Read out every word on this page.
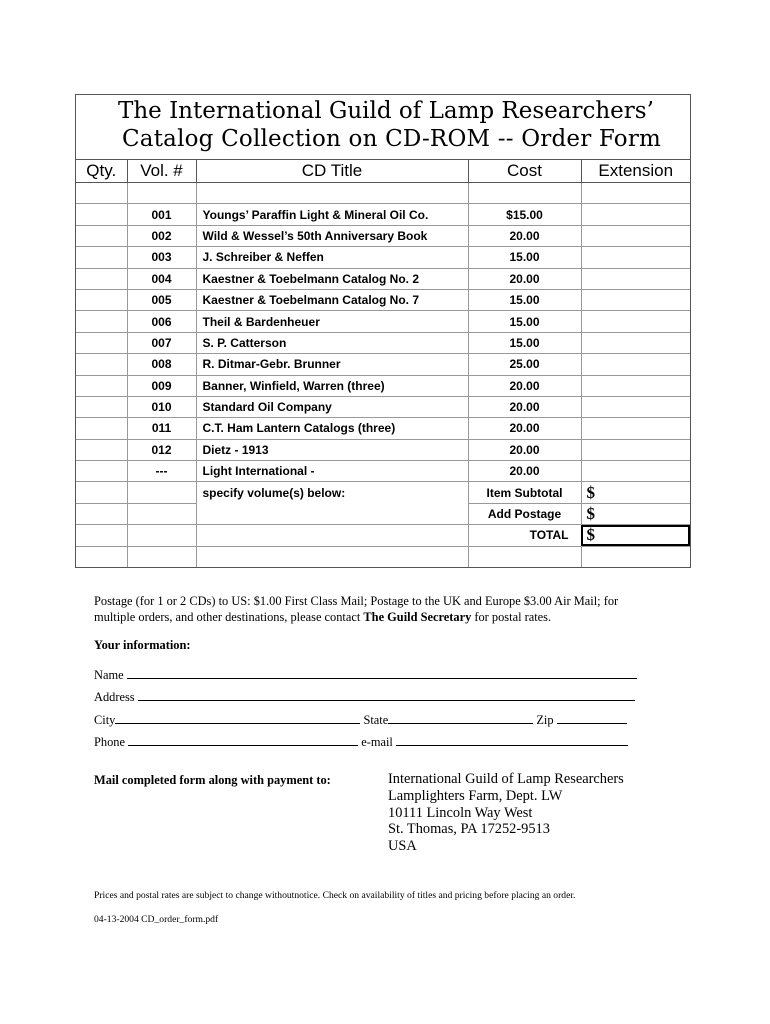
The International Guild of Lamp Researchers’
Catalog Collection on CD-ROM -- Order Form
Qty.	Vol. #	CD Title	Cost	Extension

	001	Youngs’ Paraffin Light & Mineral Oil Co.	$15.00	
	002	Wild & Wessel’s 50th Anniversary Book	20.00	
	003	J. Schreiber & Neffen	15.00	
	004	Kaestner & Toebelmann Catalog No. 2	20.00	
	005	Kaestner & Toebelmann Catalog No. 7	15.00	
	006	Theil & Bardenheuer	15.00	
	007	S. P. Catterson	15.00	
	008	R. Ditmar-Gebr. Brunner	25.00	
	009	Banner, Winfield, Warren (three)	20.00	
	010	Standard Oil Company	20.00	
	011	C.T. Ham Lantern Catalogs (three)	20.00	
	012	Dietz - 1913	20.00	
	---	Light International -	20.00	
		specify volume(s) below:	Item Subtotal	$
			Add Postage	$
			TOTAL	$

Postage (for 1 or 2 CDs) to US: $1.00 First Class Mail; Postage to the UK and Europe $3.00 Air Mail; for multiple orders, and other destinations, please contact The Guild Secretary for postal rates.
Your information:
Name
Address
City	State	Zip
Phone	e-mail
Mail completed form along with payment to:	International Guild of Lamp Researchers
Lamplighters Farm, Dept. LW
10111 Lincoln Way West
St. Thomas, PA 17252-9513
USA
Prices and postal rates are subject to change withoutnotice. Check on availability of titles and pricing before placing an order.
04-13-2004 CD_order_form.pdf
